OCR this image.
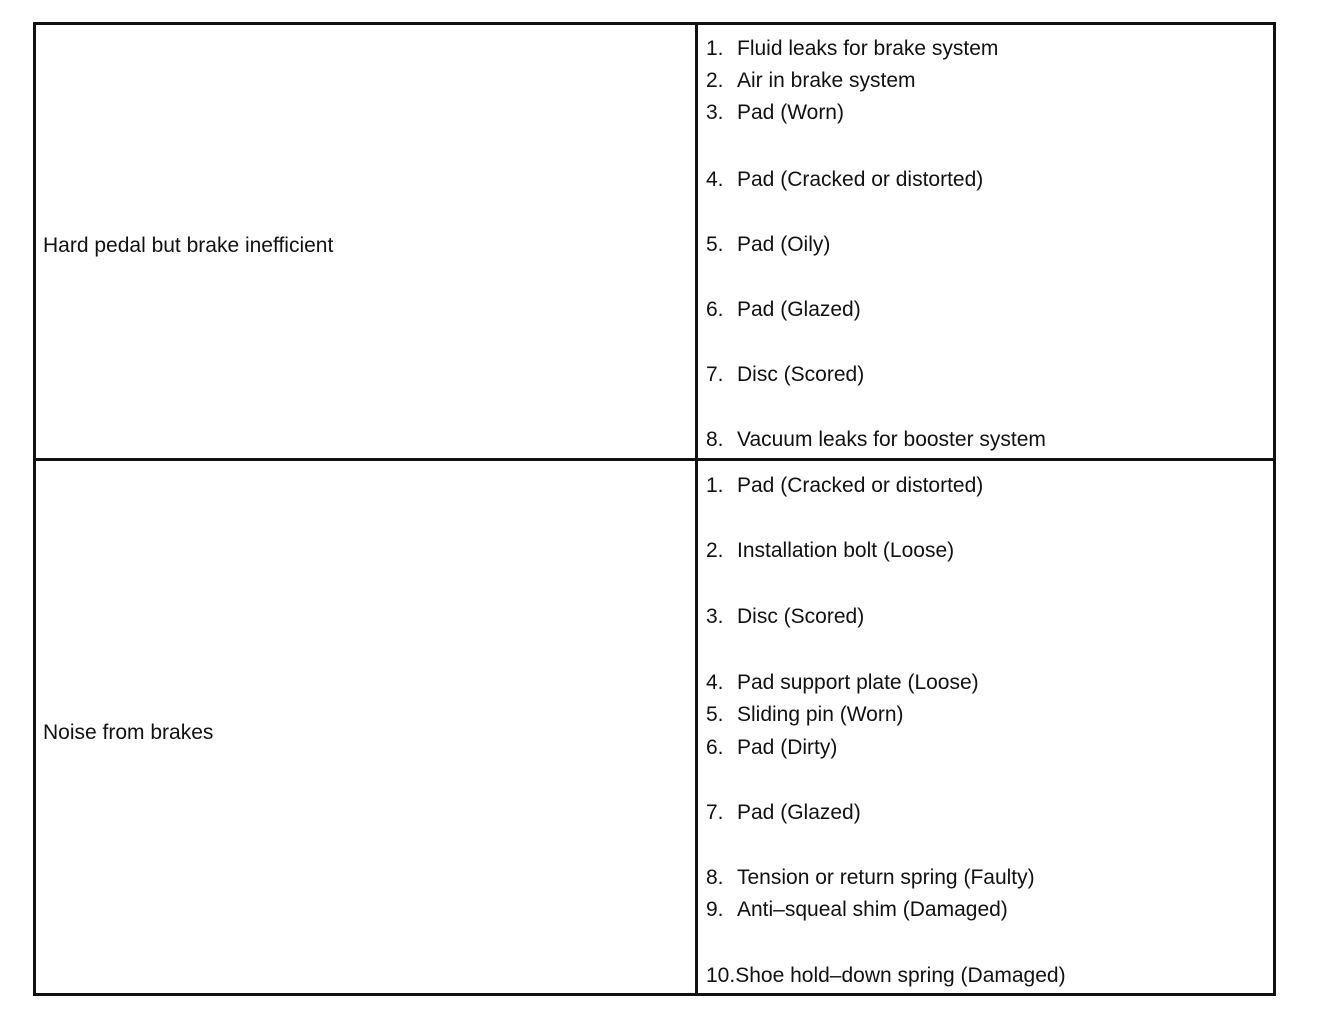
Hard pedal but brake inefficient
1. Fluid leaks for brake system
2. Air in brake system
3. Pad (Worn)
4. Pad (Cracked or distorted)
5. Pad (Oily)
6. Pad (Glazed)
7. Disc (Scored)
8. Vacuum leaks for booster system
Noise from brakes
1. Pad (Cracked or distorted)
2. Installation bolt (Loose)
3. Disc (Scored)
4. Pad support plate (Loose)
5. Sliding pin (Worn)
6. Pad (Dirty)
7. Pad (Glazed)
8. Tension or return spring (Faulty)
9. Anti–squeal shim (Damaged)
10. Shoe hold–down spring (Damaged)
